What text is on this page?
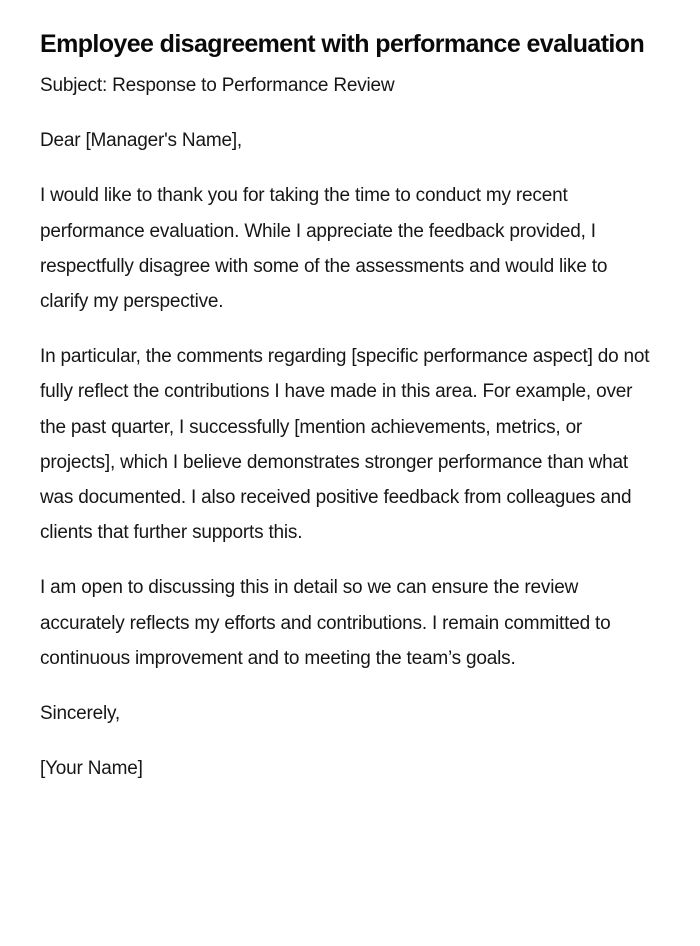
Employee disagreement with performance evaluation

Subject: Response to Performance Review

Dear [Manager's Name],

I would like to thank you for taking the time to conduct my recent performance evaluation. While I appreciate the feedback provided, I respectfully disagree with some of the assessments and would like to clarify my perspective.

In particular, the comments regarding [specific performance aspect] do not fully reflect the contributions I have made in this area. For example, over the past quarter, I successfully [mention achievements, metrics, or projects], which I believe demonstrates stronger performance than what was documented. I also received positive feedback from colleagues and clients that further supports this.

I am open to discussing this in detail so we can ensure the review accurately reflects my efforts and contributions. I remain committed to continuous improvement and to meeting the team’s goals.

Sincerely,

[Your Name]
